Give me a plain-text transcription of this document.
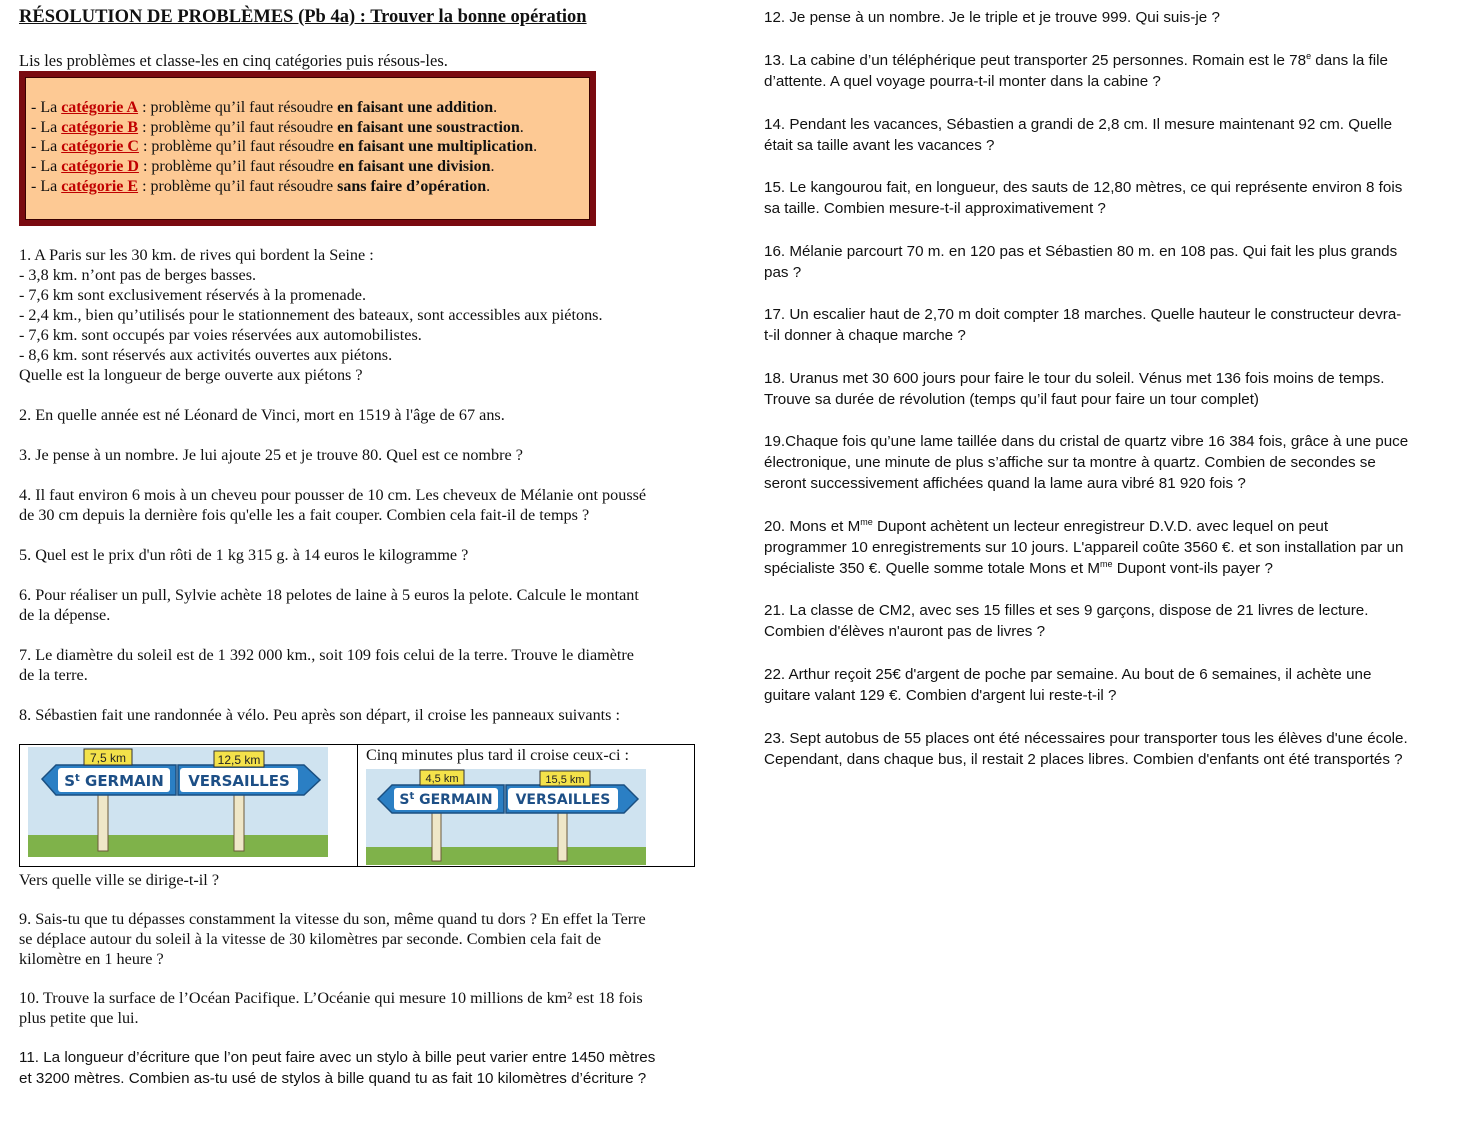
RÉSOLUTION DE PROBLÈMES (Pb 4a) : Trouver la bonne opération
Lis les problèmes et classe-les en cinq catégories puis résous-les.
- La catégorie A : problème qu’il faut résoudre en faisant une addition.
- La catégorie B : problème qu’il faut résoudre en faisant une soustraction.
- La catégorie C : problème qu’il faut résoudre en faisant une multiplication.
- La catégorie D : problème qu’il faut résoudre en faisant une division.
- La catégorie E : problème qu’il faut résoudre sans faire d’opération.
1. A Paris sur les 30 km. de rives qui bordent la Seine :
- 3,8 km. n’ont pas de berges basses.
- 7,6 km sont exclusivement réservés à la promenade.
- 2,4 km., bien qu’utilisés pour le stationnement des bateaux, sont accessibles aux piétons.
- 7,6 km. sont occupés par voies réservées aux automobilistes.
- 8,6 km. sont réservés aux activités ouvertes aux piétons.
Quelle est la longueur de berge ouverte aux piétons ?
2. En quelle année est né Léonard de Vinci, mort en 1519 à l'âge de 67 ans.
3. Je pense à un nombre. Je lui ajoute 25 et je trouve 80. Quel est ce nombre ?
4. Il faut environ 6 mois à un cheveu pour pousser de 10 cm. Les cheveux de Mélanie ont poussé
de 30 cm depuis la dernière fois qu'elle les a fait couper. Combien cela fait-il de temps ?
5. Quel est le prix d'un rôti de 1 kg 315 g. à 14 euros le kilogramme ?
6. Pour réaliser un pull, Sylvie achète 18 pelotes de laine à 5 euros la pelote. Calcule le montant
de la dépense.
7. Le diamètre du soleil est de 1 392 000 km., soit 109 fois celui de la terre. Trouve le diamètre
de la terre.
8. Sébastien fait une randonnée à vélo. Peu après son départ, il croise les panneaux suivants :
7,5 km	12,5 km
$S^t$ GERMAIN VERSAILLES
Cinq minutes plus tard il croise ceux-ci :
4,5 km	15,5 km
$S^t$ GERMAIN VERSAILLES
Vers quelle ville se dirige-t-il ?
9. Sais-tu que tu dépasses constamment la vitesse du son, même quand tu dors ? En effet la Terre
se déplace autour du soleil à la vitesse de 30 kilomètres par seconde. Combien cela fait de
kilomètre en 1 heure ?
10. Trouve la surface de l’Océan Pacifique. L’Océanie qui mesure 10 millions de km² est 18 fois
plus petite que lui.
11. La longueur d’écriture que l’on peut faire avec un stylo à bille peut varier entre 1450 mètres
et 3200 mètres. Combien as-tu usé de stylos à bille quand tu as fait 10 kilomètres d’écriture ?
12. Je pense à un nombre. Je le triple et je trouve 999. Qui suis-je ?
13. La cabine d’un téléphérique peut transporter 25 personnes. Romain est le 78e dans la file
d’attente. A quel voyage pourra-t-il monter dans la cabine ?
14. Pendant les vacances, Sébastien a grandi de 2,8 cm. Il mesure maintenant 92 cm. Quelle
était sa taille avant les vacances ?
15. Le kangourou fait, en longueur, des sauts de 12,80 mètres, ce qui représente environ 8 fois
sa taille. Combien mesure-t-il approximativement ?
16. Mélanie parcourt 70 m. en 120 pas et Sébastien 80 m. en 108 pas. Qui fait les plus grands
pas ?
17. Un escalier haut de 2,70 m doit compter 18 marches. Quelle hauteur le constructeur devra-
t-il donner à chaque marche ?
18. Uranus met 30 600 jours pour faire le tour du soleil. Vénus met 136 fois moins de temps.
Trouve sa durée de révolution (temps qu’il faut pour faire un tour complet)
19.Chaque fois qu’une lame taillée dans du cristal de quartz vibre 16 384 fois, grâce à une puce
électronique, une minute de plus s’affiche sur ta montre à quartz. Combien de secondes se
seront successivement affichées quand la lame aura vibré 81 920 fois ?
20. Mons et $M^{me}$ Dupont achètent un lecteur enregistreur D.V.D. avec lequel on peut
programmer 10 enregistrements sur 10 jours. L'appareil coûte 3560 €. et son installation par un
spécialiste 350 €. Quelle somme totale Mons et $M^{me}$ Dupont vont-ils payer ?
21. La classe de CM2, avec ses 15 filles et ses 9 garçons, dispose de 21 livres de lecture.
Combien d'élèves n'auront pas de livres ?
22. Arthur reçoit 25€ d'argent de poche par semaine. Au bout de 6 semaines, il achète une
guitare valant 129 €. Combien d'argent lui reste-t-il ?
23. Sept autobus de 55 places ont été nécessaires pour transporter tous les élèves d'une école.
Cependant, dans chaque bus, il restait 2 places libres. Combien d'enfants ont été transportés ?
